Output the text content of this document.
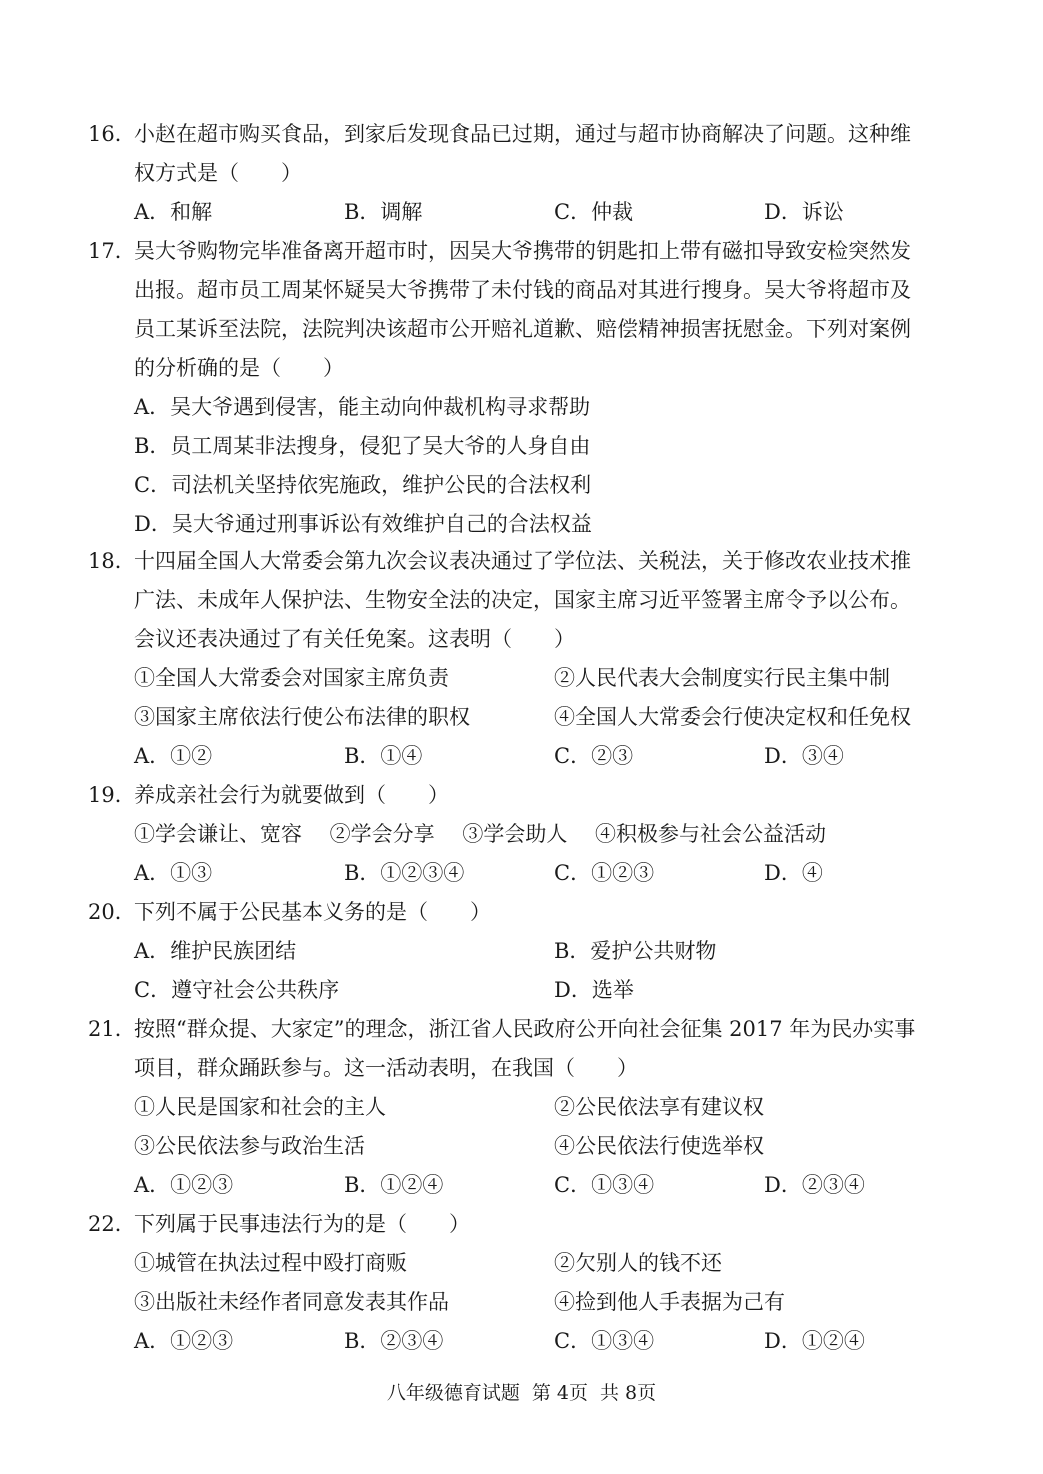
16．
小赵在超市购买食品，到家后发现食品已过期，通过与超市协商解决了问题。这种维
权方式是（　　）
A．和解	B．调解	C．仲裁	D．诉讼
17．
吴大爷购物完毕准备离开超市时，因吴大爷携带的钥匙扣上带有磁扣导致安检突然发
出报。超市员工周某怀疑吴大爷携带了未付钱的商品对其进行搜身。吴大爷将超市及
员工某诉至法院，法院判决该超市公开赔礼道歉、赔偿精神损害抚慰金。下列对案例
的分析确的是（　　）
A．吴大爷遇到侵害，能主动向仲裁机构寻求帮助
B．员工周某非法搜身，侵犯了吴大爷的人身自由
C．司法机关坚持依宪施政，维护公民的合法权利
D．吴大爷通过刑事诉讼有效维护自己的合法权益
18．
十四届全国人大常委会第九次会议表决通过了学位法、关税法，关于修改农业技术推
广法、未成年人保护法、生物安全法的决定，国家主席习近平签署主席令予以公布。
会议还表决通过了有关任免案。这表明（　　）
①全国人大常委会对国家主席负责	②人民代表大会制度实行民主集中制
③国家主席依法行使公布法律的职权	④全国人大常委会行使决定权和任免权
A．①②	B．①④	C．②③	D．③④
19．
养成亲社会行为就要做到（　　）
①学会谦让、宽容　 ②学会分享　 ③学会助人　 ④积极参与社会公益活动
A．①③	B．①②③④	C．①②③	D．④
20．
下列不属于公民基本义务的是（　　）
A．维护民族团结	B．爱护公共财物
C．遵守社会公共秩序	D．选举
21．
按照“群众提、大家定”的理念，浙江省人民政府公开向社会征集 2017 年为民办实事
项目，群众踊跃参与。这一活动表明，在我国（　　）
①人民是国家和社会的主人	②公民依法享有建议权
③公民依法参与政治生活	④公民依法行使选举权
A．①②③	B．①②④	C．①③④	D．②③④
22．
下列属于民事违法行为的是（　　）
①城管在执法过程中殴打商贩	②欠别人的钱不还
③出版社未经作者同意发表其作品	④捡到他人手表据为己有
A．①②③	B．②③④	C．①③④	D．①②④
八年级德育试题 第 4页 共 8页
